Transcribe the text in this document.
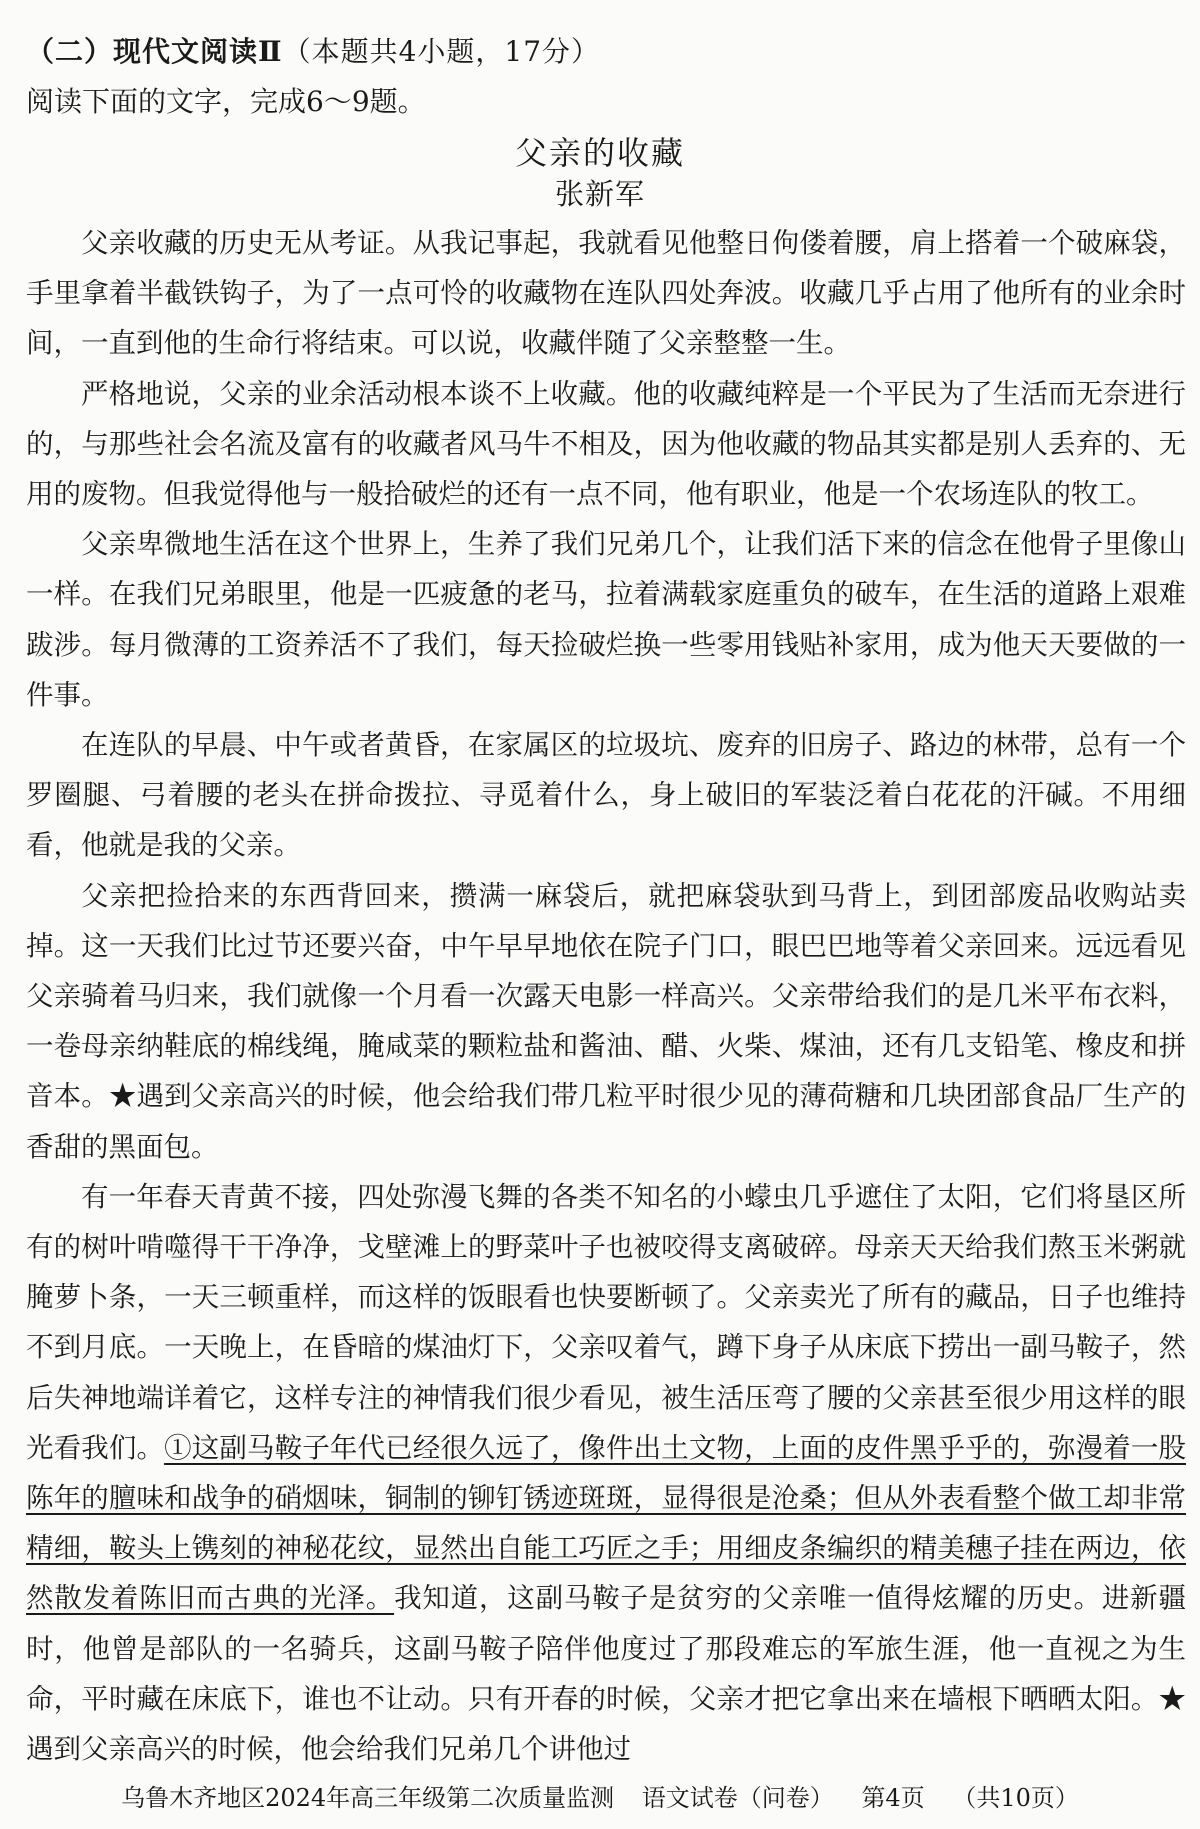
（二）现代文阅读Ⅱ（本题共4小题，17分）
阅读下面的文字，完成6～9题。
父亲的收藏
张新军

父亲收藏的历史无从考证。从我记事起，我就看见他整日佝偻着腰，肩上搭着一个破麻袋，手里拿着半截铁钩子，为了一点可怜的收藏物在连队四处奔波。收藏几乎占用了他所有的业余时间，一直到他的生命行将结束。可以说，收藏伴随了父亲整整一生。

严格地说，父亲的业余活动根本谈不上收藏。他的收藏纯粹是一个平民为了生活而无奈进行的，与那些社会名流及富有的收藏者风马牛不相及，因为他收藏的物品其实都是别人丢弃的、无用的废物。但我觉得他与一般拾破烂的还有一点不同，他有职业，他是一个农场连队的牧工。

父亲卑微地生活在这个世界上，生养了我们兄弟几个，让我们活下来的信念在他骨子里像山一样。在我们兄弟眼里，他是一匹疲惫的老马，拉着满载家庭重负的破车，在生活的道路上艰难跋涉。每月微薄的工资养活不了我们，每天捡破烂换一些零用钱贴补家用，成为他天天要做的一件事。

在连队的早晨、中午或者黄昏，在家属区的垃圾坑、废弃的旧房子、路边的林带，总有一个罗圈腿、弓着腰的老头在拼命拨拉、寻觅着什么，身上破旧的军装泛着白花花的汗碱。不用细看，他就是我的父亲。

父亲把捡拾来的东西背回来，攒满一麻袋后，就把麻袋驮到马背上，到团部废品收购站卖掉。这一天我们比过节还要兴奋，中午早早地依在院子门口，眼巴巴地等着父亲回来。远远看见父亲骑着马归来，我们就像一个月看一次露天电影一样高兴。父亲带给我们的是几米平布衣料，一卷母亲纳鞋底的棉线绳，腌咸菜的颗粒盐和酱油、醋、火柴、煤油，还有几支铅笔、橡皮和拼音本。★遇到父亲高兴的时候，他会给我们带几粒平时很少见的薄荷糖和几块团部食品厂生产的香甜的黑面包。

有一年春天青黄不接，四处弥漫飞舞的各类不知名的小蠓虫几乎遮住了太阳，它们将垦区所有的树叶啃噬得干干净净，戈壁滩上的野菜叶子也被咬得支离破碎。母亲天天给我们熬玉米粥就腌萝卜条，一天三顿重样，而这样的饭眼看也快要断顿了。父亲卖光了所有的藏品，日子也维持不到月底。一天晚上，在昏暗的煤油灯下，父亲叹着气，蹲下身子从床底下捞出一副马鞍子，然后失神地端详着它，这样专注的神情我们很少看见，被生活压弯了腰的父亲甚至很少用这样的眼光看我们。①这副马鞍子年代已经很久远了，像件出土文物，上面的皮件黑乎乎的，弥漫着一股陈年的膻味和战争的硝烟味，铜制的铆钉锈迹斑斑，显得很是沧桑；但从外表看整个做工却非常精细，鞍头上镌刻的神秘花纹，显然出自能工巧匠之手；用细皮条编织的精美穗子挂在两边，依然散发着陈旧而古典的光泽。我知道，这副马鞍子是贫穷的父亲唯一值得炫耀的历史。进新疆时，他曾是部队的一名骑兵，这副马鞍子陪伴他度过了那段难忘的军旅生涯，他一直视之为生命，平时藏在床底下，谁也不让动。只有开春的时候，父亲才把它拿出来在墙根下晒晒太阳。★遇到父亲高兴的时候，他会给我们兄弟几个讲他过

乌鲁木齐地区2024年高三年级第二次质量监测 语文试卷（问卷） 第4页 （共10页）
